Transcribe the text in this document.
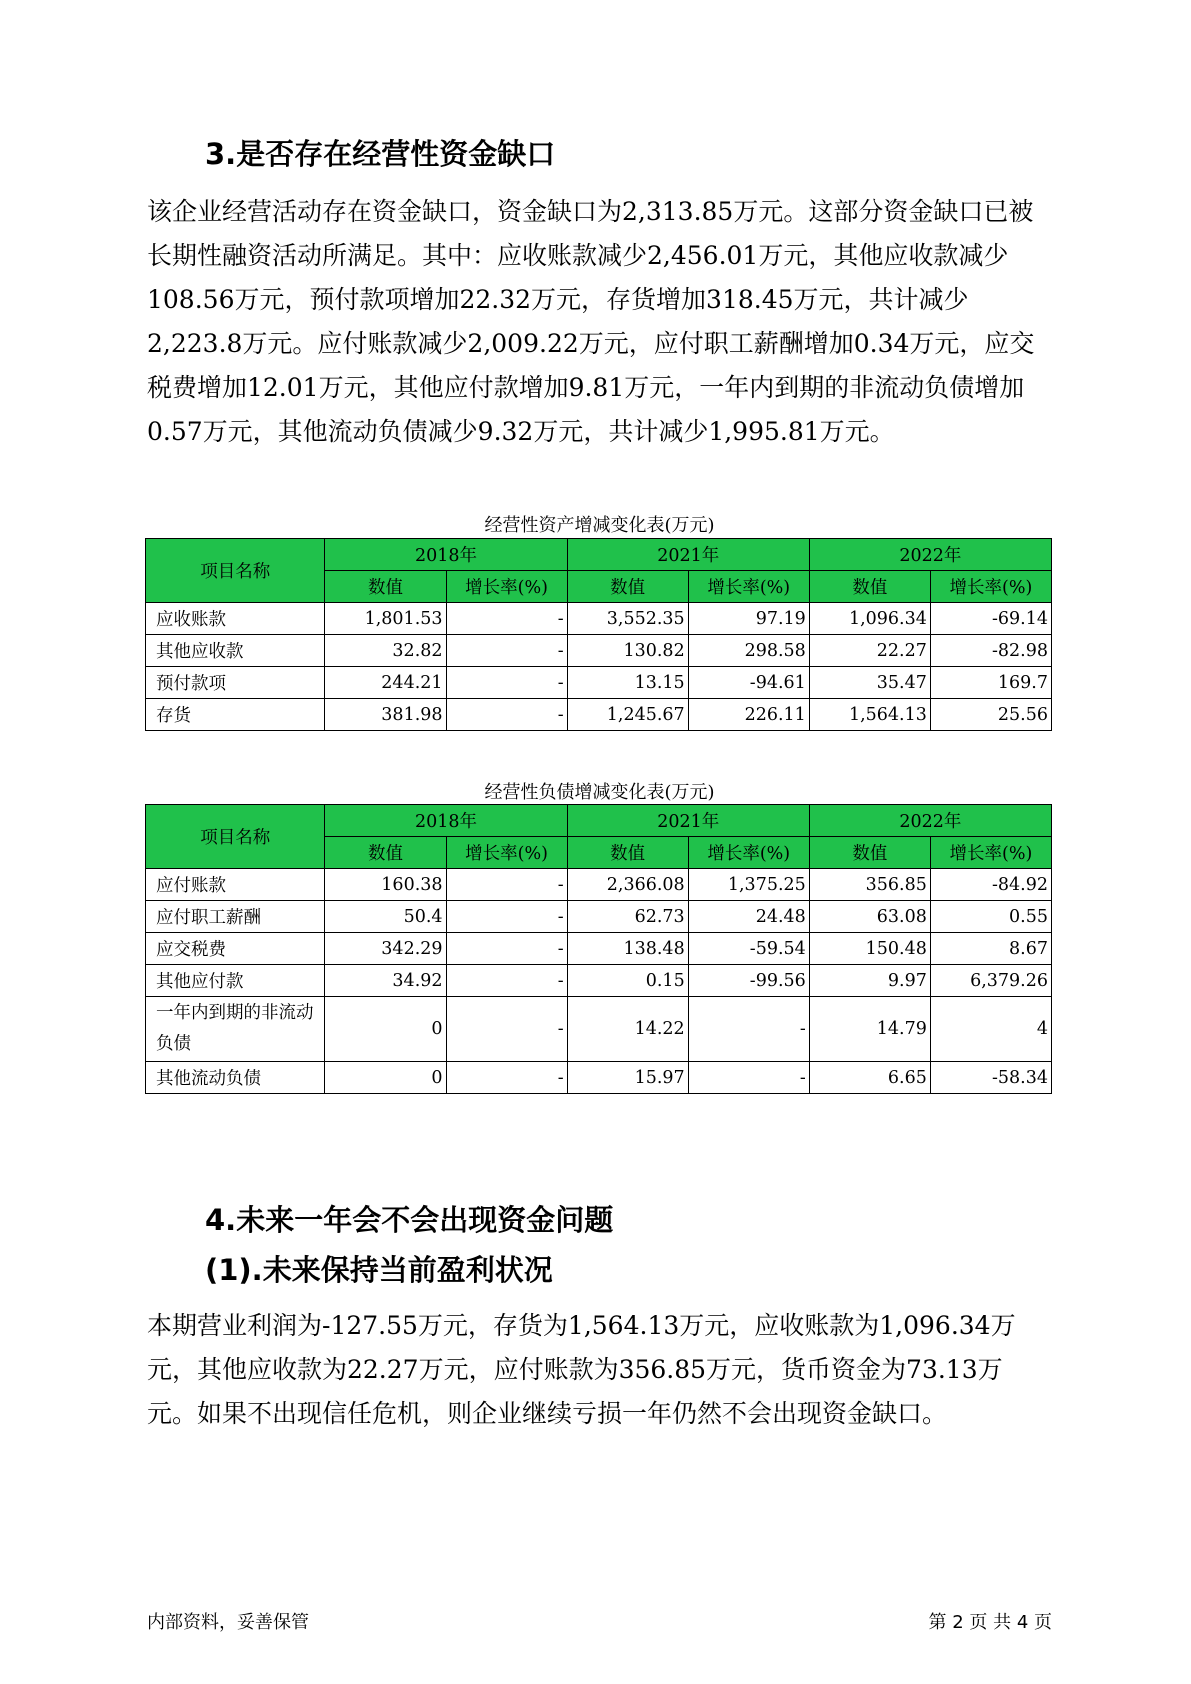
3.是否存在经营性资金缺口

该企业经营活动存在资金缺口，资金缺口为2,313.85万元。这部分资金缺口已被长期性融资活动所满足。其中：应收账款减少2,456.01万元，其他应收款减少108.56万元，预付款项增加22.32万元，存货增加318.45万元，共计减少2,223.8万元。应付账款减少2,009.22万元，应付职工薪酬增加0.34万元，应交税费增加12.01万元，其他应付款增加9.81万元，一年内到期的非流动负债增加0.57万元，其他流动负债减少9.32万元，共计减少1,995.81万元。

经营性资产增减变化表(万元)
项目名称	2018年		2021年		2022年	
	数值	增长率(%)	数值	增长率(%)	数值	增长率(%)
应收账款	1,801.53	-	3,552.35	97.19	1,096.34	-69.14
其他应收款	32.82	-	130.82	298.58	22.27	-82.98
预付款项	244.21	-	13.15	-94.61	35.47	169.7
存货	381.98	-	1,245.67	226.11	1,564.13	25.56
经营性负债增减变化表(万元)
项目名称	2018年		2021年		2022年	
	数值	增长率(%)	数值	增长率(%)	数值	增长率(%)
应付账款	160.38	-	2,366.08	1,375.25	356.85	-84.92
应付职工薪酬	50.4	-	62.73	24.48	63.08	0.55
应交税费	342.29	-	138.48	-59.54	150.48	8.67
其他应付款	34.92	-	0.15	-99.56	9.97	6,379.26
一年内到期的非流动负债	0	-	14.22	-	14.79	4
其他流动负债	0	-	15.97	-	6.65	-58.34
4.未来一年会不会出现资金问题
(1).未来保持当前盈利状况

本期营业利润为-127.55万元，存货为1,564.13万元，应收账款为1,096.34万元，其他应收款为22.27万元，应付账款为356.85万元，货币资金为73.13万元。如果不出现信任危机，则企业继续亏损一年仍然不会出现资金缺口。

内部资料，妥善保管	第 2 页 共 4 页
